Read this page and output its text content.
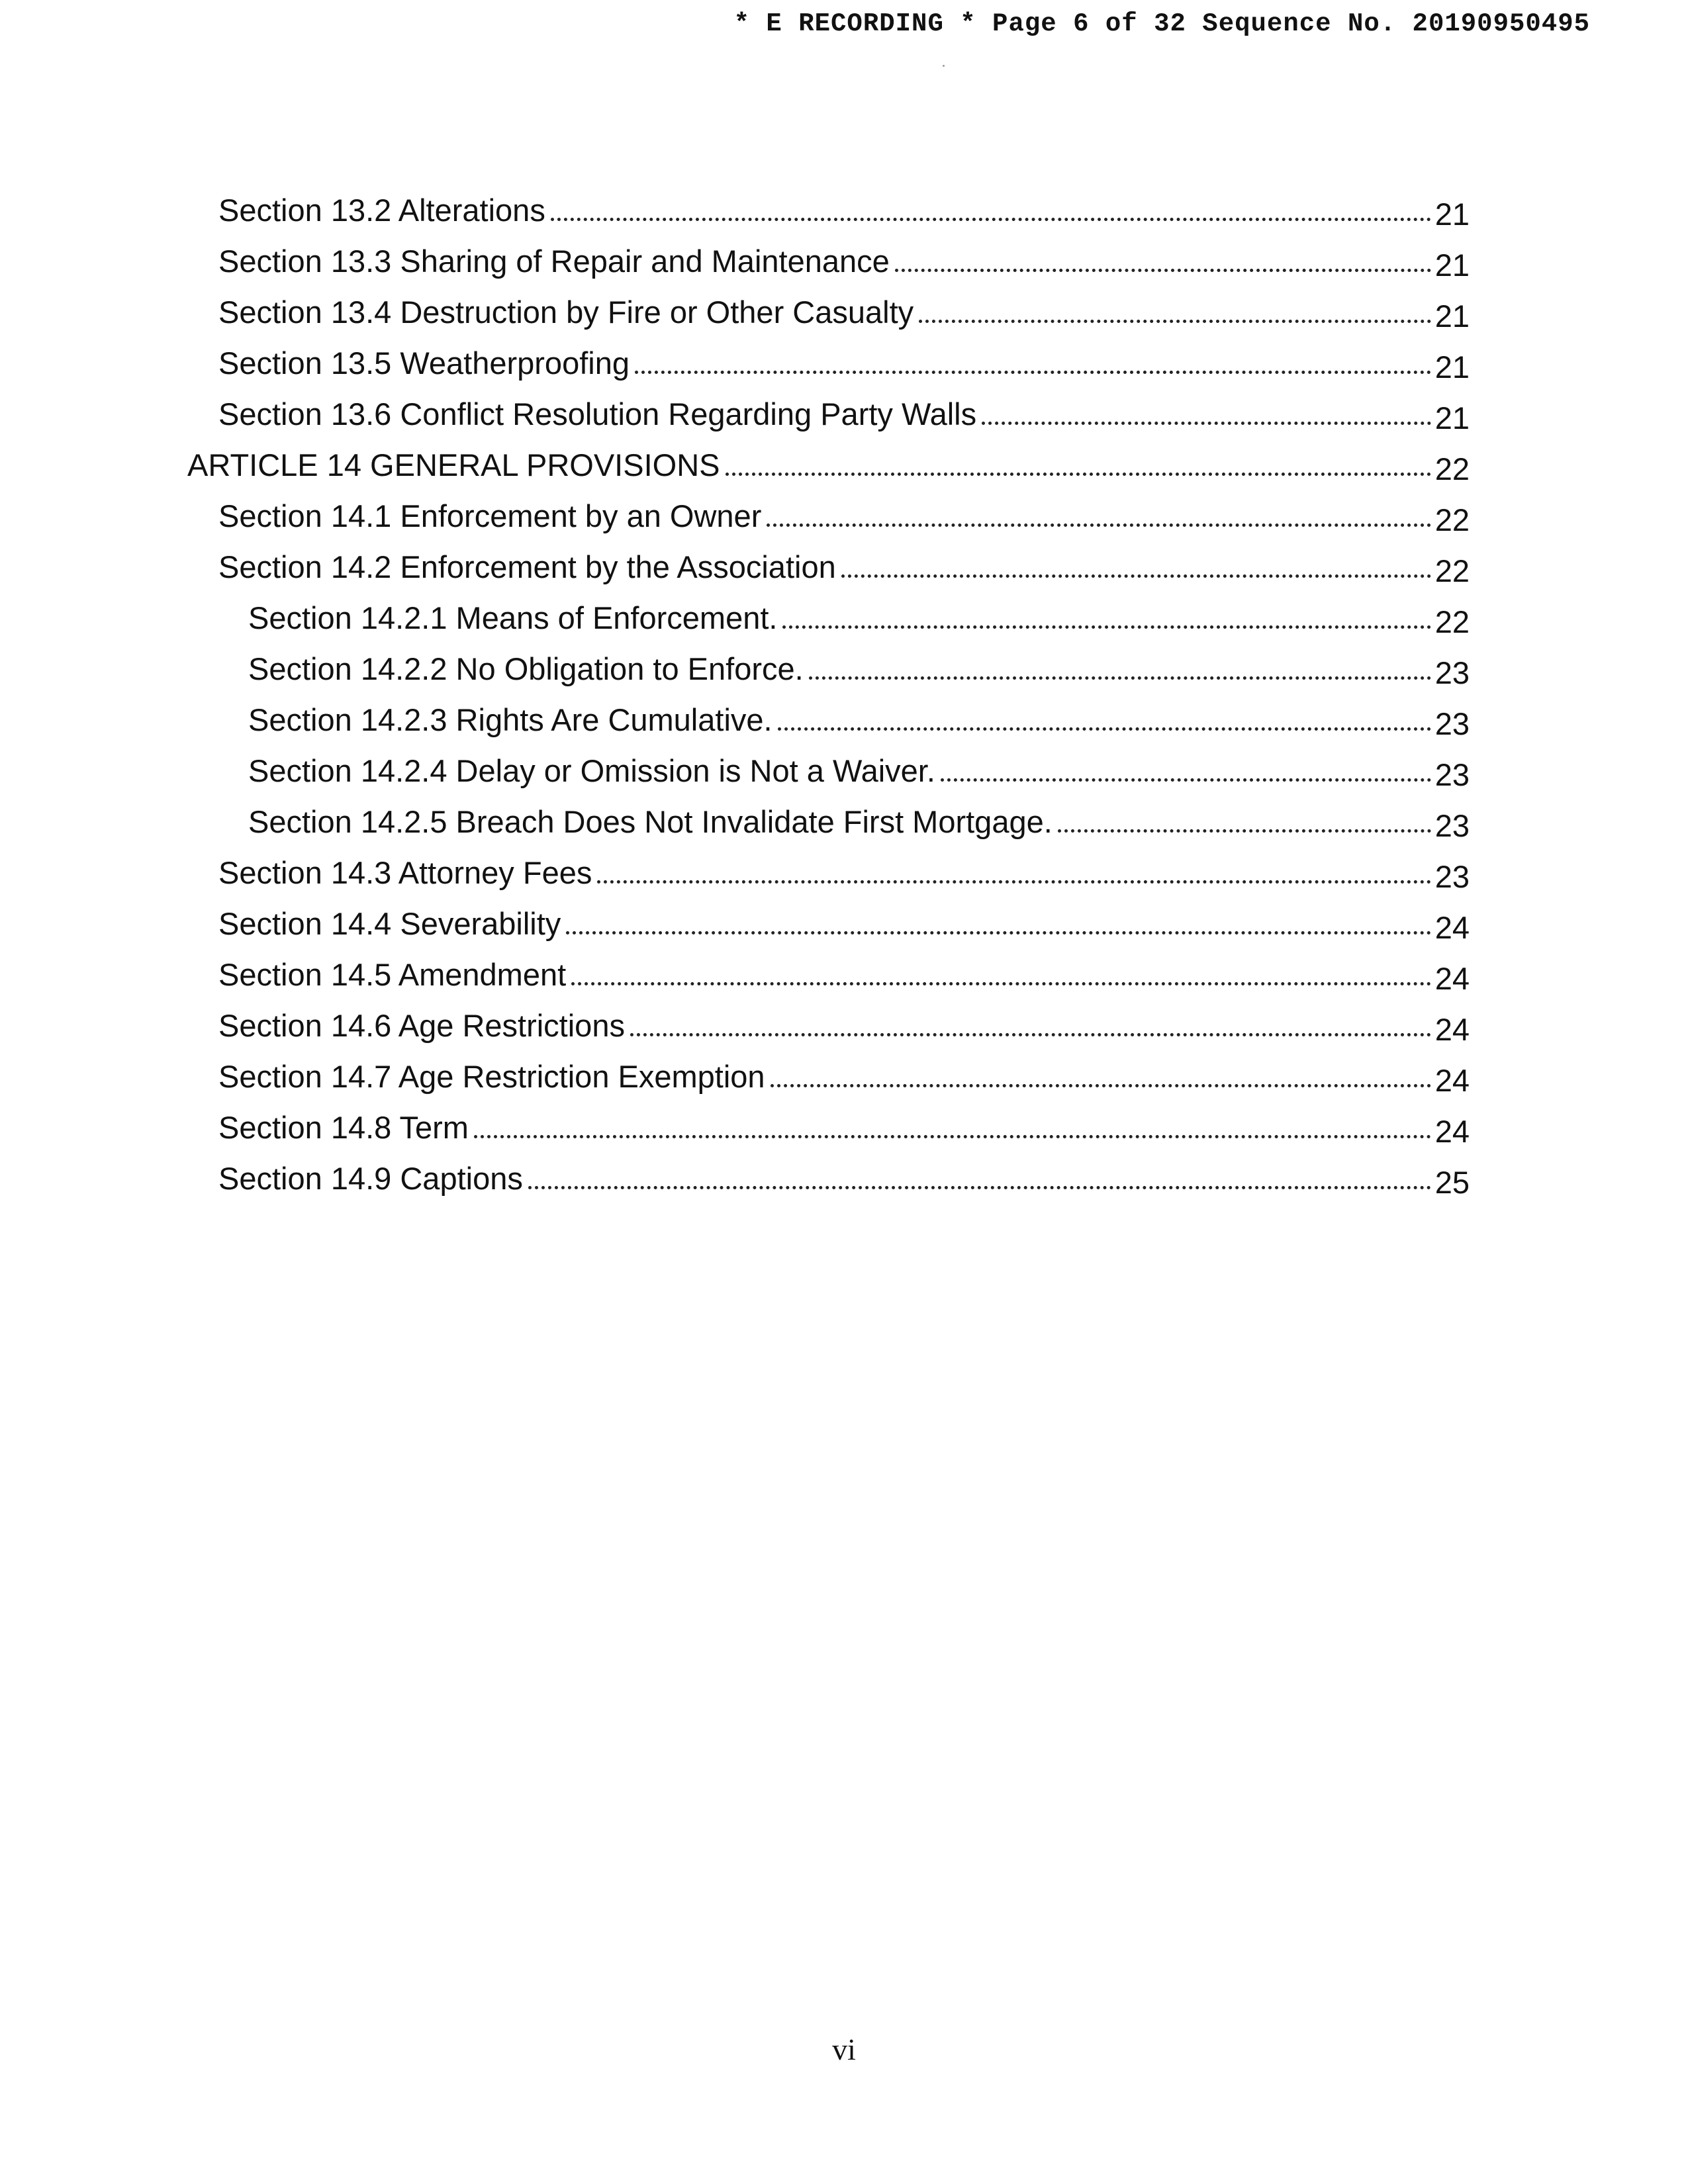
* E RECORDING * Page 6 of 32 Sequence No. 20190950495
Section 13.2 Alterations	21
Section 13.3 Sharing of Repair and Maintenance	21
Section 13.4 Destruction by Fire or Other Casualty	21
Section 13.5 Weatherproofing	21
Section 13.6 Conflict Resolution Regarding Party Walls	21
ARTICLE 14 GENERAL PROVISIONS	22
Section 14.1 Enforcement by an Owner	22
Section 14.2 Enforcement by the Association	22
Section 14.2.1 Means of Enforcement.	22
Section 14.2.2 No Obligation to Enforce.	23
Section 14.2.3 Rights Are Cumulative.	23
Section 14.2.4 Delay or Omission is Not a Waiver.	23
Section 14.2.5 Breach Does Not Invalidate First Mortgage.	23
Section 14.3 Attorney Fees	23
Section 14.4 Severability	24
Section 14.5 Amendment	24
Section 14.6 Age Restrictions	24
Section 14.7 Age Restriction Exemption	24
Section 14.8 Term	24
Section 14.9 Captions	25
vi
